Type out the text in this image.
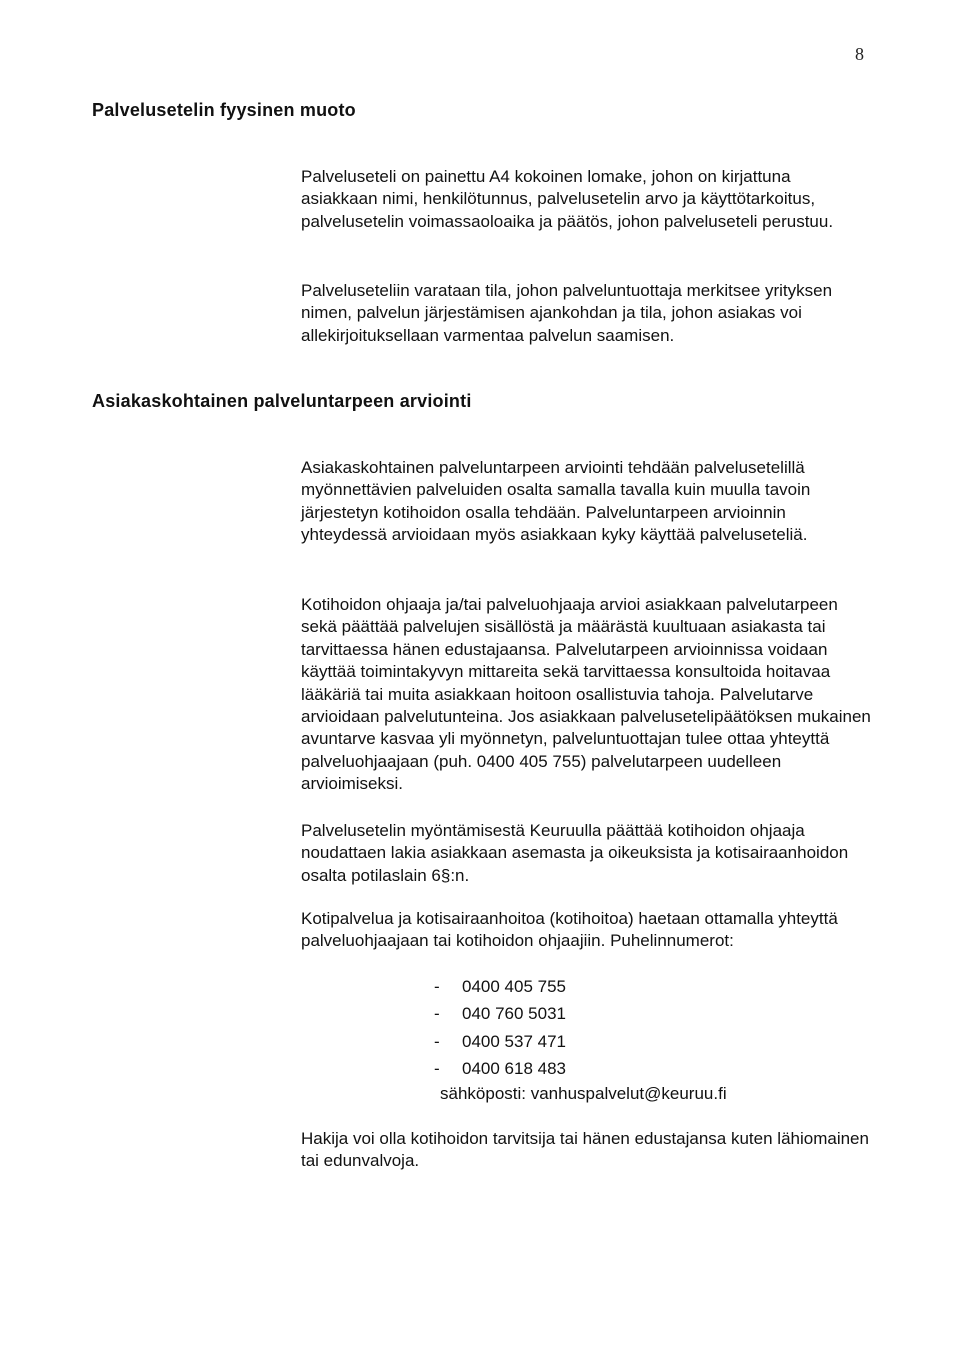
8
Palvelusetelin fyysinen muoto

Palveluseteli on painettu A4 kokoinen lomake, johon on kirjattuna asiakkaan nimi, henkilötunnus, palvelusetelin arvo ja käyttötarkoitus, palvelusetelin voimassaoloaika ja päätös, johon palveluseteli perustuu.

Palveluseteliin varataan tila, johon palveluntuottaja merkitsee yrityksen nimen, palvelun järjestämisen ajankohdan ja tila, johon asiakas voi allekirjoituksellaan varmentaa palvelun saamisen.

Asiakaskohtainen palveluntarpeen arviointi

Asiakaskohtainen palveluntarpeen arviointi tehdään palvelusetelillä myönnettävien palveluiden osalta samalla tavalla kuin muulla tavoin järjestetyn kotihoidon osalla tehdään. Palveluntarpeen arvioinnin yhteydessä arvioidaan myös asiakkaan kyky käyttää palveluseteliä.

Kotihoidon ohjaaja ja/tai palveluohjaaja arvioi asiakkaan palvelutarpeen sekä päättää palvelujen sisällöstä ja määrästä kuultuaan asiakasta tai tarvittaessa hänen edustajaansa. Palvelutarpeen arvioinnissa voidaan käyttää toimintakyvyn mittareita sekä tarvittaessa konsultoida hoitavaa lääkäriä tai muita asiakkaan hoitoon osallistuvia tahoja. Palvelutarve arvioidaan palvelutunteina. Jos asiakkaan palvelusetelipäätöksen mukainen avuntarve kasvaa yli myönnetyn, palveluntuottajan tulee ottaa yhteyttä palveluohjaajaan (puh. 0400 405 755) palvelutarpeen uudelleen arvioimiseksi.

Palvelusetelin myöntämisestä Keuruulla päättää kotihoidon ohjaaja noudattaen lakia asiakkaan asemasta ja oikeuksista ja kotisairaanhoidon osalta potilaslain 6§:n.

Kotipalvelua ja kotisairaanhoitoa (kotihoitoa) haetaan ottamalla yhteyttä palveluohjaajaan tai kotihoidon ohjaajiin. Puhelinnumerot:

- 0400 405 755
- 040 760 5031
- 0400 537 471
- 0400 618 483

sähköposti: vanhuspalvelut@keuruu.fi

Hakija voi olla kotihoidon tarvitsija tai hänen edustajansa kuten lähiomainen tai edunvalvoja.
